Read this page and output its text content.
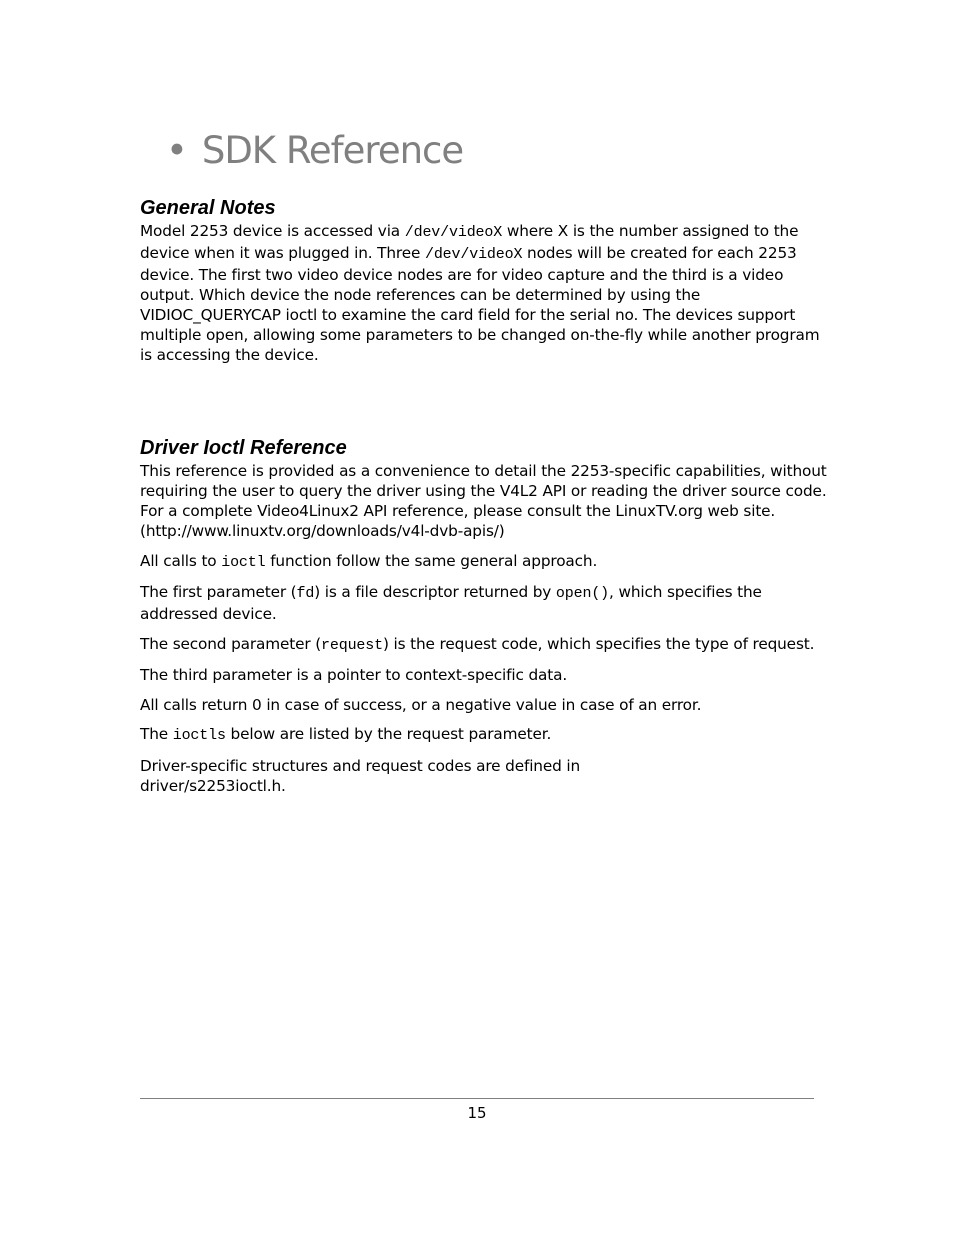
• SDK Reference
General Notes

Model 2253 device is accessed via /dev/videoX where X is the number assigned to the device when it was plugged in. Three /dev/videoX nodes will be created for each 2253 device. The first two video device nodes are for video capture and the third is a video output. Which device the node references can be determined by using the VIDIOC_QUERYCAP ioctl to examine the card field for the serial no. The devices support multiple open, allowing some parameters to be changed on-the-fly while another program is accessing the device.

Driver Ioctl Reference

This reference is provided as a convenience to detail the 2253-specific capabilities, without requiring the user to query the driver using the V4L2 API or reading the driver source code. For a complete Video4Linux2 API reference, please consult the LinuxTV.org web site.
(http://www.linuxtv.org/downloads/v4l-dvb-apis/)

All calls to ioctl function follow the same general approach.

The first parameter (fd) is a file descriptor returned by open(), which specifies the addressed device.

The second parameter (request) is the request code, which specifies the type of request.

The third parameter is a pointer to context-specific data.

All calls return 0 in case of success, or a negative value in case of an error.

The ioctls below are listed by the request parameter.

Driver-specific structures and request codes are defined in
driver/s2253ioctl.h.

15
